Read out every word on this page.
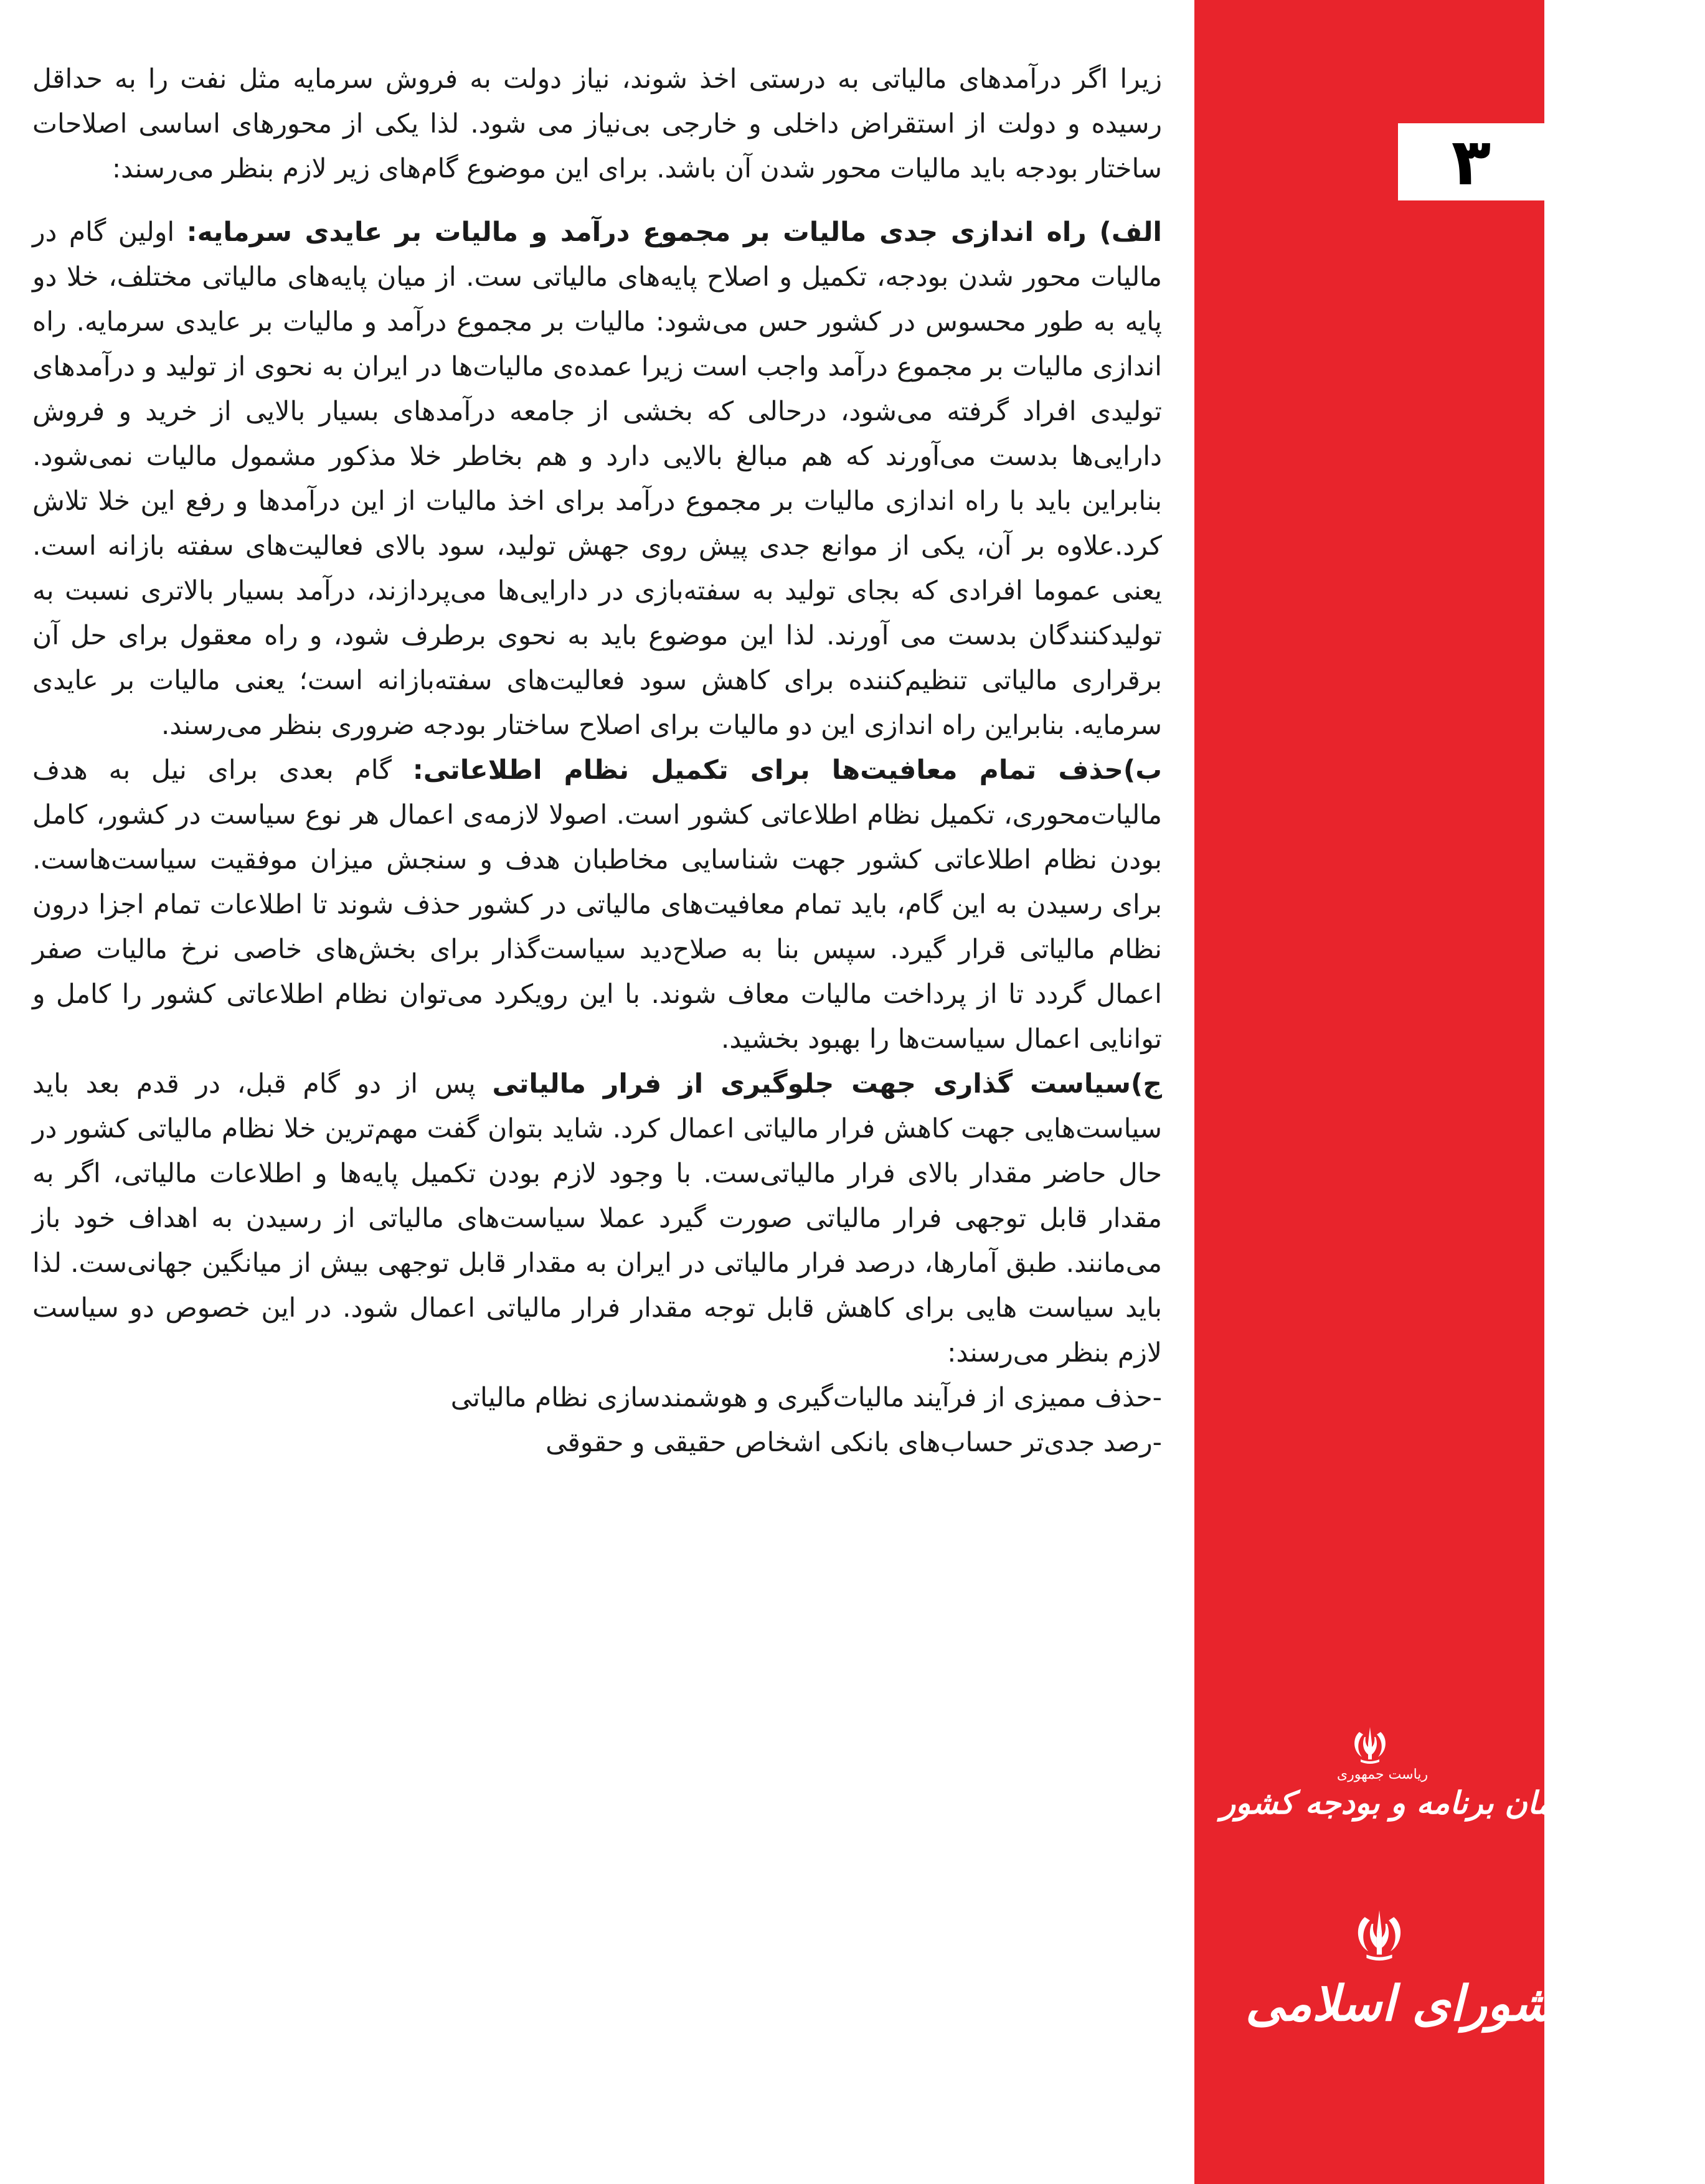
۳
ریاست جمهوری
سازمان برنامه و بودجه کشور
مجلس شورای اسلامی

زیرا اگر درآمدهای مالیاتی به درستی اخذ شوند، نیاز دولت به فروش سرمایه مثل نفت را به حداقل رسیده و دولت از استقراض داخلی و خارجی بی‌نیاز می شود. لذا یکی از محورهای اساسی اصلاحات ساختار بودجه باید مالیات محور شدن آن باشد. برای این موضوع گام‌های زیر لازم بنظر می‌رسند:

الف) راه اندازی جدی مالیات بر مجموع درآمد و مالیات بر عایدی سرمایه: اولین گام در مالیات محور شدن بودجه، تکمیل و اصلاح پایه‌های مالیاتی ست. از میان پایه‌های مالیاتی مختلف، خلا دو پایه به طور محسوس در کشور حس می‌شود: مالیات بر مجموع درآمد و مالیات بر عایدی سرمایه. راه اندازی مالیات بر مجموع درآمد واجب است زیرا عمده‌ی مالیات‌ها در ایران به نحوی از تولید و درآمدهای تولیدی افراد گرفته می‌شود، درحالی که بخشی از جامعه درآمدهای بسیار بالایی از خرید و فروش دارایی‌ها بدست می‌آورند که هم مبالغ بالایی دارد و هم بخاطر خلا مذکور مشمول مالیات نمی‌شود. بنابراین باید با راه اندازی مالیات بر مجموع درآمد برای اخذ مالیات از این درآمدها و رفع این خلا تلاش کرد.علاوه بر آن، یکی از موانع جدی پیش روی جهش تولید، سود بالای فعالیت‌های سفته بازانه است. یعنی عموما افرادی که بجای تولید به سفته‌بازی در دارایی‌ها می‌پردازند، درآمد بسیار بالاتری نسبت به تولیدکنندگان بدست می آورند. لذا این موضوع باید به نحوی برطرف شود، و راه معقول برای حل آن برقراری مالیاتی تنظیم‌کننده برای کاهش سود فعالیت‌های سفته‌بازانه است؛ یعنی مالیات بر عایدی سرمایه. بنابراین راه اندازی این دو مالیات برای اصلاح ساختار بودجه ضروری بنظر می‌رسند.

ب)حذف تمام معافیت‌ها برای تکمیل نظام اطلاعاتی: گام بعدی برای نیل به هدف مالیات‌محوری، تکمیل نظام اطلاعاتی کشور است. اصولا لازمه‌ی اعمال هر نوع سیاست در کشور، کامل بودن نظام اطلاعاتی کشور جهت شناسایی مخاطبان هدف و سنجش میزان موفقیت سیاست‌هاست. برای رسیدن به این گام، باید تمام معافیت‌های مالیاتی در کشور حذف شوند تا اطلاعات تمام اجزا درون نظام مالیاتی قرار گیرد. سپس بنا به صلاح‌دید سیاست‌گذار برای بخش‌های خاصی نرخ مالیات صفر اعمال گردد تا از پرداخت مالیات معاف شوند. با این رویکرد می‌توان نظام اطلاعاتی کشور را کامل و توانایی اعمال سیاست‌ها را بهبود بخشید.

ج)سیاست گذاری جهت جلوگیری از فرار مالیاتی پس از دو گام قبل، در قدم بعد باید سیاست‌هایی جهت کاهش فرار مالیاتی اعمال کرد. شاید بتوان گفت مهم‌ترین خلا نظام مالیاتی کشور در حال حاضر مقدار بالای فرار مالیاتی‌ست. با وجود لازم بودن تکمیل پایه‌ها و اطلاعات مالیاتی، اگر به مقدار قابل توجهی فرار مالیاتی صورت گیرد عملا سیاست‌های مالیاتی از رسیدن به اهداف خود باز می‌مانند. طبق آمارها، درصد فرار مالیاتی در ایران به مقدار قابل توجهی بیش از میانگین جهانی‌ست. لذا باید سیاست هایی برای کاهش قابل توجه مقدار فرار مالیاتی اعمال شود. در این خصوص دو سیاست لازم بنظر می‌رسند:

-حذف ممیزی از فرآیند مالیات‌گیری و هوشمندسازی نظام مالیاتی

-رصد جدی‌تر حساب‌های بانکی اشخاص حقیقی و حقوقی
